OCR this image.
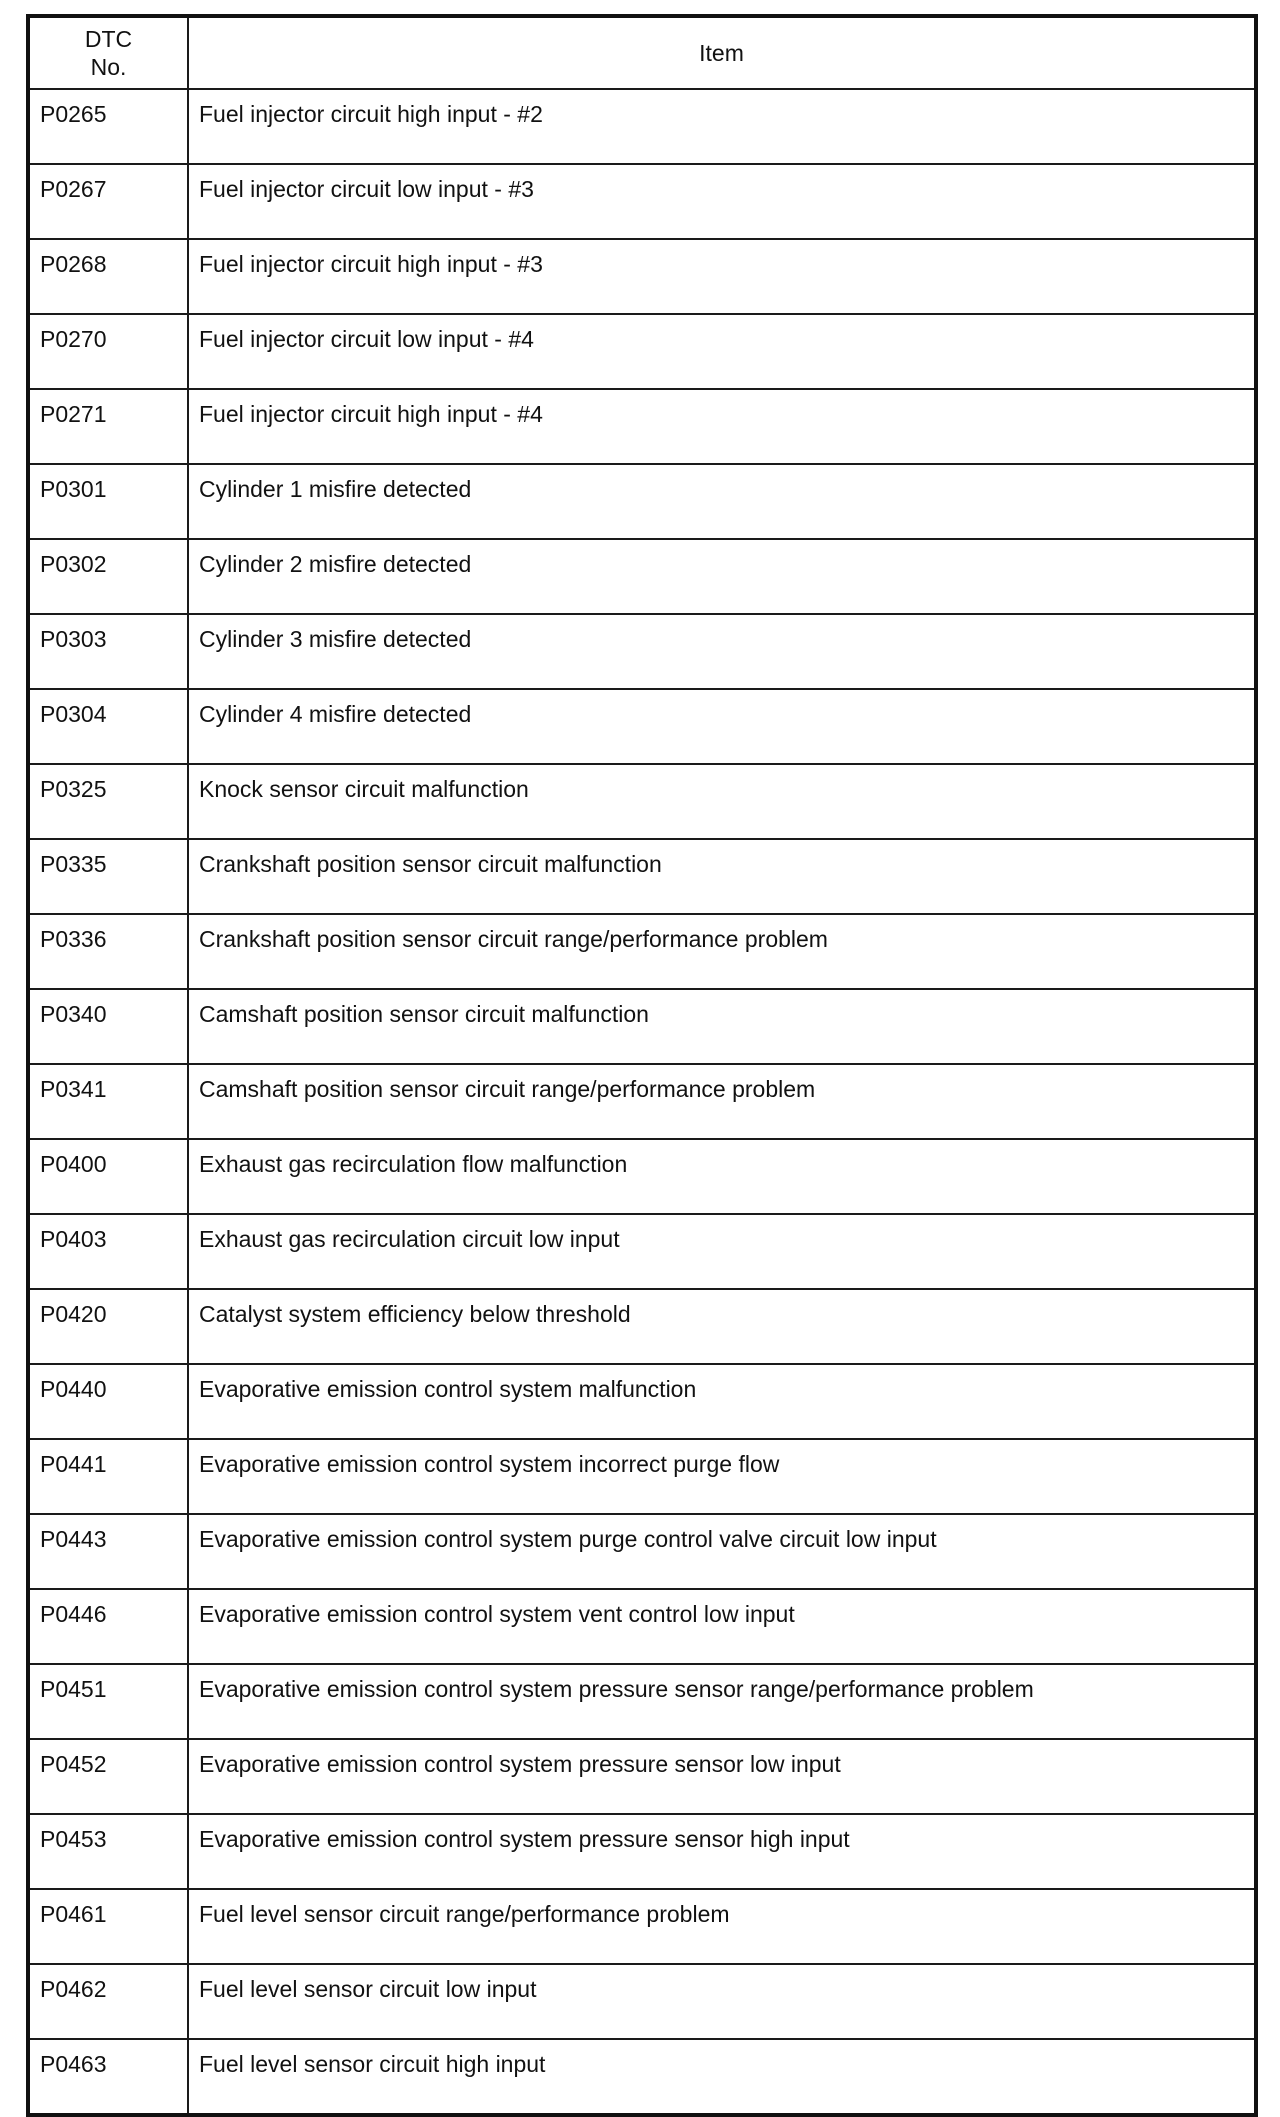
DTC
No.	Item
P0265	Fuel injector circuit high input - #2
P0267	Fuel injector circuit low input - #3
P0268	Fuel injector circuit high input - #3
P0270	Fuel injector circuit low input - #4
P0271	Fuel injector circuit high input - #4
P0301	Cylinder 1 misfire detected
P0302	Cylinder 2 misfire detected
P0303	Cylinder 3 misfire detected
P0304	Cylinder 4 misfire detected
P0325	Knock sensor circuit malfunction
P0335	Crankshaft position sensor circuit malfunction
P0336	Crankshaft position sensor circuit range/performance problem
P0340	Camshaft position sensor circuit malfunction
P0341	Camshaft position sensor circuit range/performance problem
P0400	Exhaust gas recirculation flow malfunction
P0403	Exhaust gas recirculation circuit low input
P0420	Catalyst system efficiency below threshold
P0440	Evaporative emission control system malfunction
P0441	Evaporative emission control system incorrect purge flow
P0443	Evaporative emission control system purge control valve circuit low input
P0446	Evaporative emission control system vent control low input
P0451	Evaporative emission control system pressure sensor range/performance problem
P0452	Evaporative emission control system pressure sensor low input
P0453	Evaporative emission control system pressure sensor high input
P0461	Fuel level sensor circuit range/performance problem
P0462	Fuel level sensor circuit low input
P0463	Fuel level sensor circuit high input
